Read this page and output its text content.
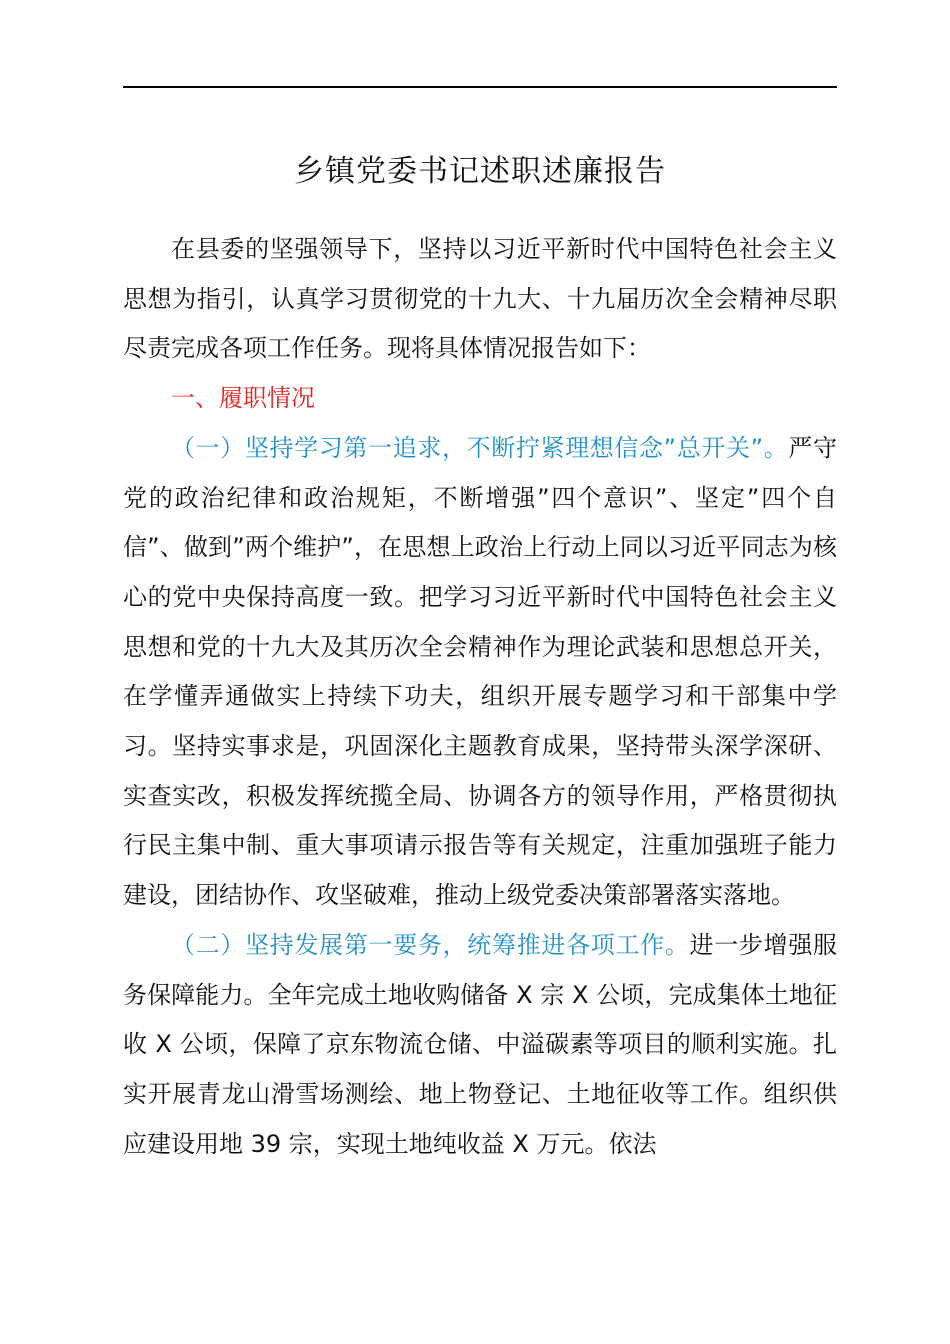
乡镇党委书记述职述廉报告

在县委的坚强领导下，坚持以习近平新时代中国特色社会主义思想为指引，认真学习贯彻党的十九大、十九届历次全会精神尽职尽责完成各项工作任务。现将具体情况报告如下：

一、履职情况

（一）坚持学习第一追求，不断拧紧理想信念”总开关”。严守党的政治纪律和政治规矩，不断增强”四个意识”、坚定”四个自信”、做到”两个维护”，在思想上政治上行动上同以习近平同志为核心的党中央保持高度一致。把学习习近平新时代中国特色社会主义思想和党的十九大及其历次全会精神作为理论武装和思想总开关，在学懂弄通做实上持续下功夫，组织开展专题学习和干部集中学习。坚持实事求是，巩固深化主题教育成果，坚持带头深学深研、实查实改，积极发挥统揽全局、协调各方的领导作用，严格贯彻执行民主集中制、重大事项请示报告等有关规定，注重加强班子能力建设，团结协作、攻坚破难，推动上级党委决策部署落实落地。

（二）坚持发展第一要务，统筹推进各项工作。进一步增强服务保障能力。全年完成土地收购储备 X 宗 X 公顷，完成集体土地征收 X 公顷，保障了京东物流仓储、中溢碳素等项目的顺利实施。扎实开展青龙山滑雪场测绘、地上物登记、土地征收等工作。组织供应建设用地 39 宗，实现土地纯收益 X 万元。依法
